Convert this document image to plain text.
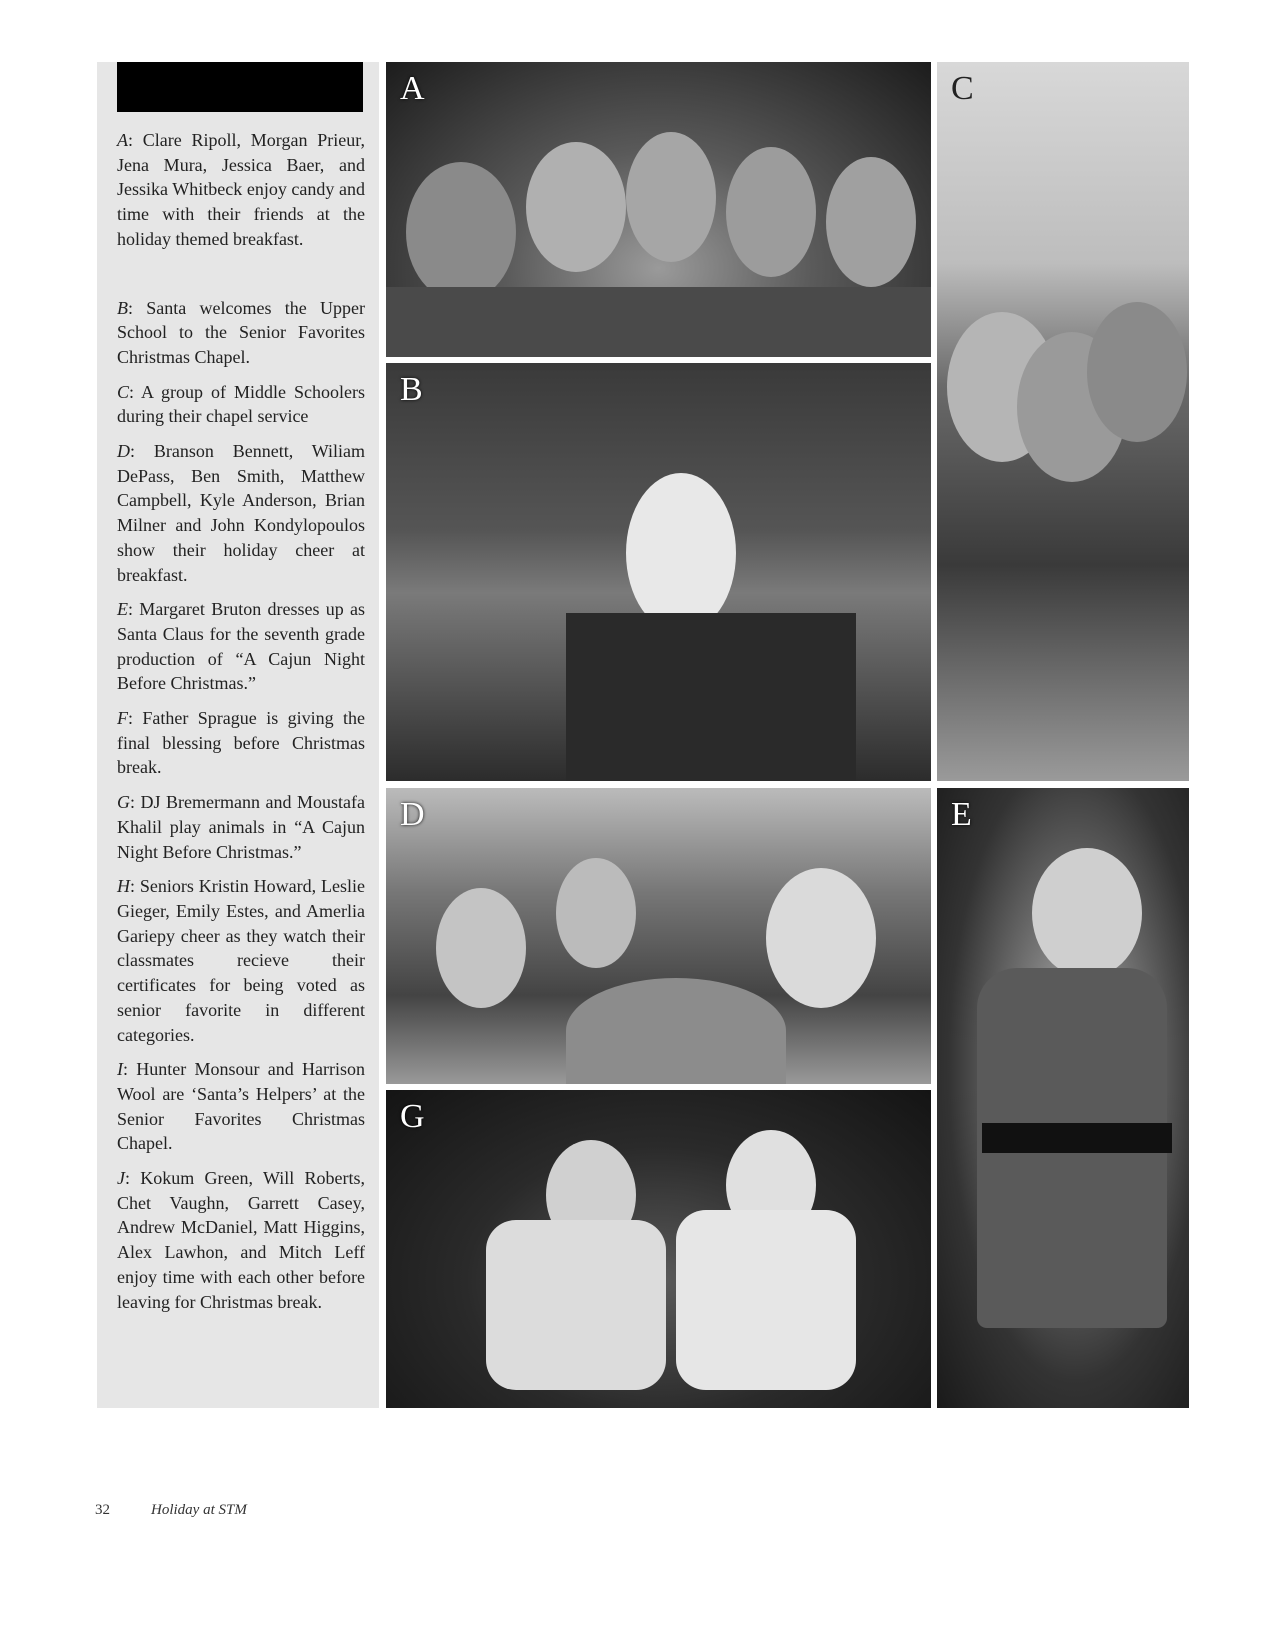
A: Clare Ripoll, Morgan Prieur, Jena Mura, Jessica Baer, and Jessika Whitbeck enjoy candy and time with their friends at the holiday themed breakfast.

B: Santa welcomes the Upper School to the Senior Favorites Christmas Chapel.

C: A group of Middle Schoolers during their chapel service

D: Branson Bennett, Wiliam DePass, Ben Smith, Matthew Campbell, Kyle Anderson, Brian Milner and John Kondylopoulos show their holiday cheer at breakfast.

E: Margaret Bruton dresses up as Santa Claus for the seventh grade production of “A Cajun Night Before Christmas.”

F: Father Sprague is giving the final blessing before Christmas break.

G: DJ Bremermann and Moustafa Khalil play animals in “A Cajun Night Before Christmas.”

H: Seniors Kristin Howard, Leslie Gieger, Emily Estes, and Amerlia Gariepy cheer as they watch their classmates recieve their certificates for being voted as senior favorite in different categories.

I: Hunter Monsour and Harrison Wool are ‘Santa’s Helpers’ at the Senior Favorites Christmas Chapel.

J: Kokum Green, Will Roberts, Chet Vaughn, Garrett Casey, Andrew McDaniel, Matt Higgins, Alex Lawhon, and Mitch Leff enjoy time with each other before leaving for Christmas break.

A
B
C
D	E
G
32	Holiday at STM
